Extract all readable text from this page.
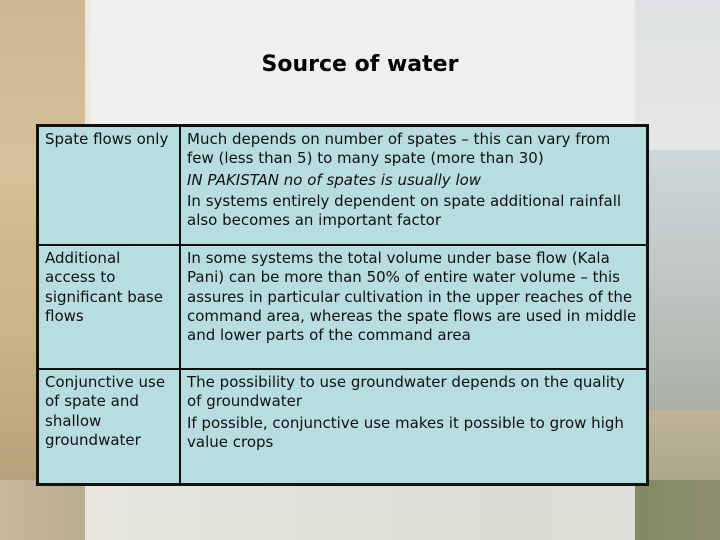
Source of water
Spate flows only	Much depends on number of spates – this can vary from few (less than 5) to many spate (more than 30)
IN PAKISTAN no of spates is usually low
In systems entirely dependent on spate additional rainfall also becomes an important factor
Additional access to significant base flows
In some systems the total volume under base flow (Kala Pani) can be more than 50% of entire water volume – this assures in particular cultivation in the upper reaches of the command area, whereas the spate flows are used in middle and lower parts of the command area
Conjunctive use of spate and shallow groundwater
The possibility to use groundwater depends on the quality of groundwater
If possible, conjunctive use makes it possible to grow high value crops
